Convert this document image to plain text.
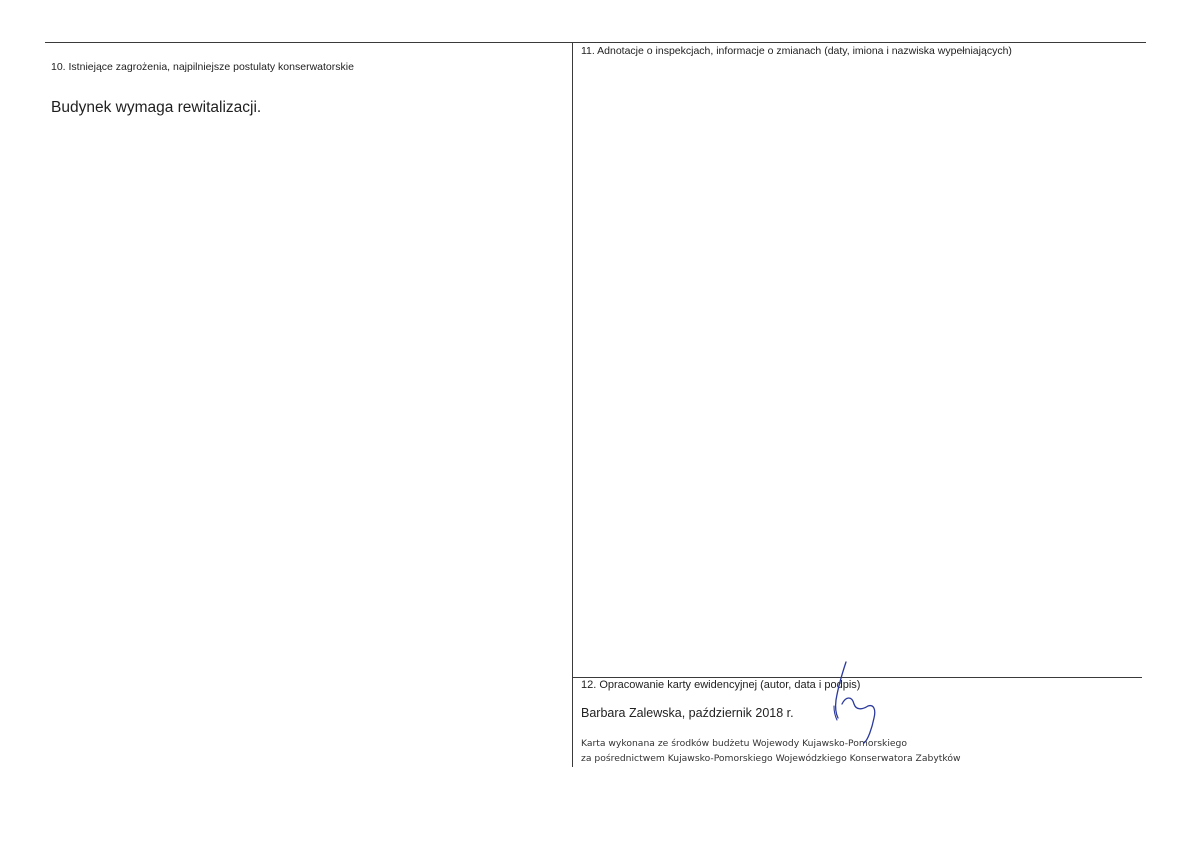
10. Istniejące zagrożenia, najpilniejsze postulaty konserwatorskie
Budynek wymaga rewitalizacji.
11. Adnotacje o inspekcjach, informacje o zmianach (daty, imiona i nazwiska wypełniających)
12. Opracowanie karty ewidencyjnej (autor, data i podpis)
Barbara Zalewska, październik 2018 r.
Karta wykonana ze środków budżetu Wojewody Kujawsko-Pomorskiego
za pośrednictwem Kujawsko-Pomorskiego Wojewódzkiego Konserwatora Zabytków
